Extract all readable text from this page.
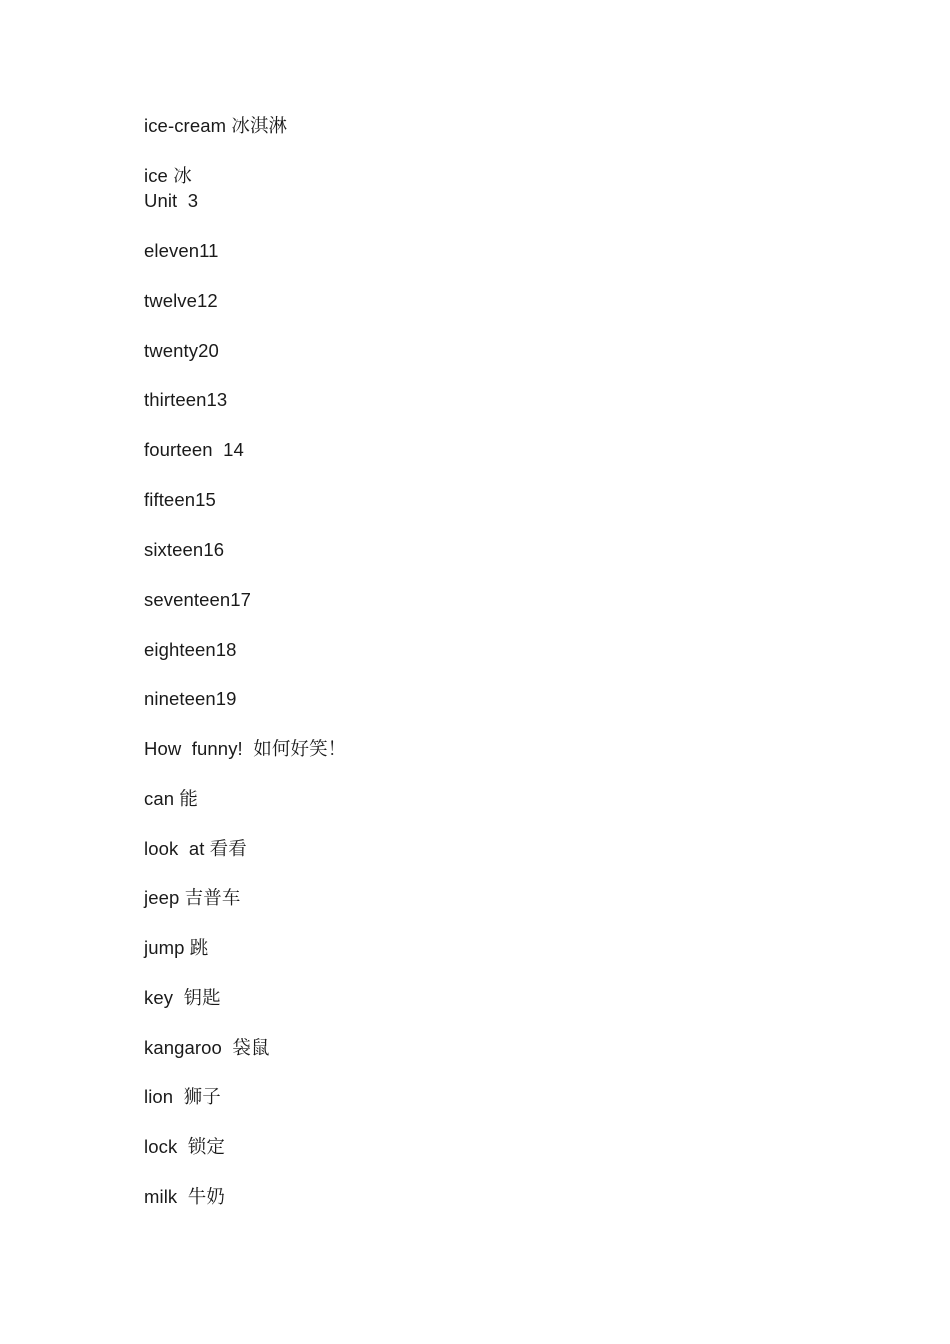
ice-cream 冰淇淋
ice 冰
Unit  3
eleven11
twelve12
twenty20
thirteen13
fourteen  14
fifteen15
sixteen16
seventeen17
eighteen18
nineteen19
How  funny!  如何好笑！
can 能
look  at 看看
jeep 吉普车
jump 跳
key  钥匙
kangaroo  袋鼠
lion  狮子
lock  锁定
milk  牛奶
